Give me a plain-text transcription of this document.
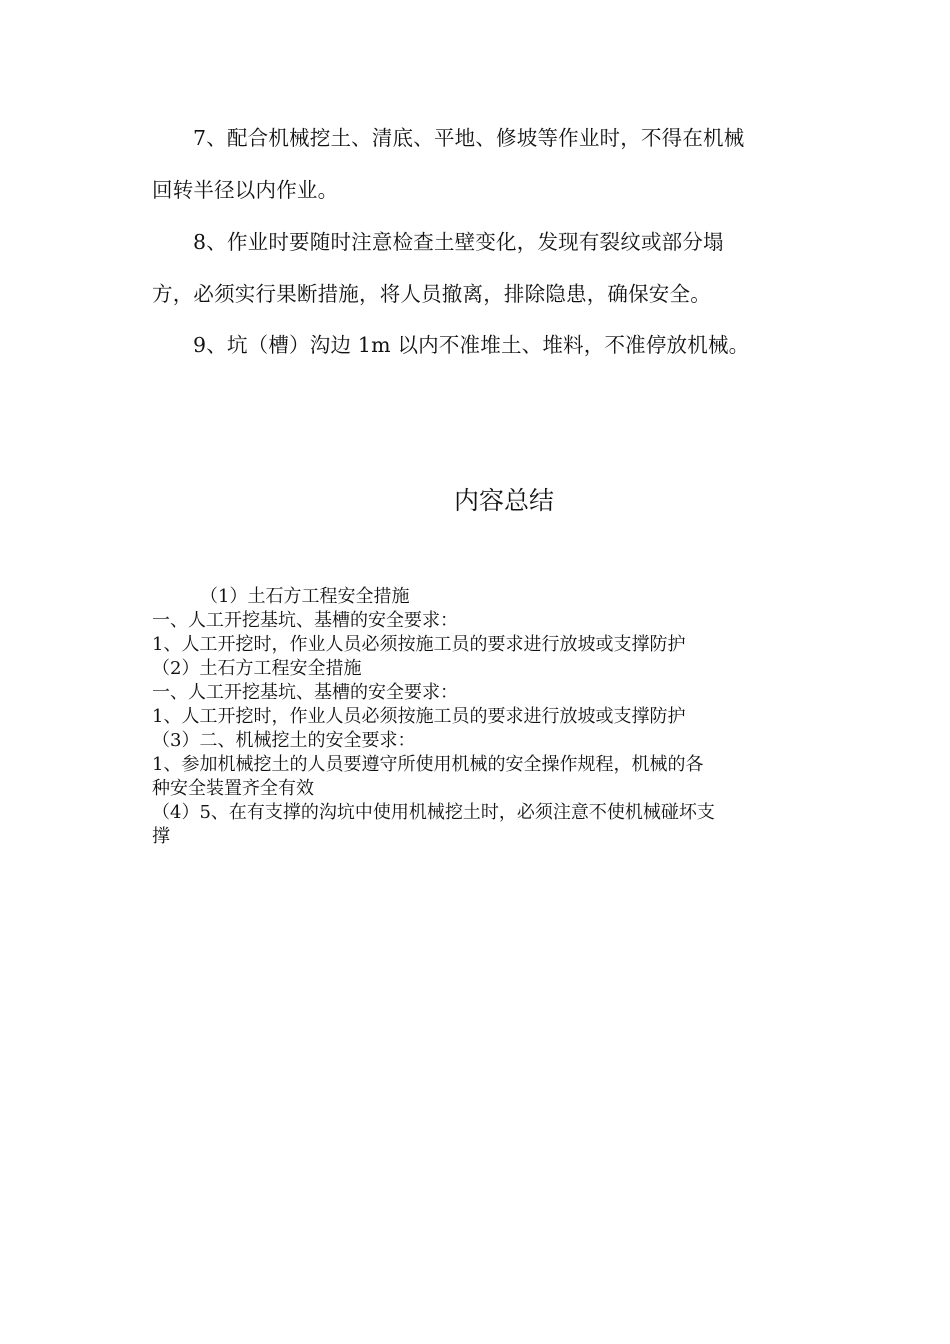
7、配合机械挖土、清底、平地、修坡等作业时，不得在机械

回转半径以内作业。

8、作业时要随时注意检查土壁变化，发现有裂纹或部分塌

方，必须实行果断措施，将人员撤离，排除隐患，确保安全。

9、坑（槽）沟边 1m 以内不准堆土、堆料，不准停放机械。

内容总结

（1）土石方工程安全措施

一、人工开挖基坑、基槽的安全要求：

1、人工开挖时，作业人员必须按施工员的要求进行放坡或支撑防护

（2）土石方工程安全措施

一、人工开挖基坑、基槽的安全要求：

1、人工开挖时，作业人员必须按施工员的要求进行放坡或支撑防护

（3）二、机械挖土的安全要求：

1、参加机械挖土的人员要遵守所使用机械的安全操作规程，机械的各

种安全装置齐全有效

（4）5、在有支撑的沟坑中使用机械挖土时，必须注意不使机械碰坏支

撑
